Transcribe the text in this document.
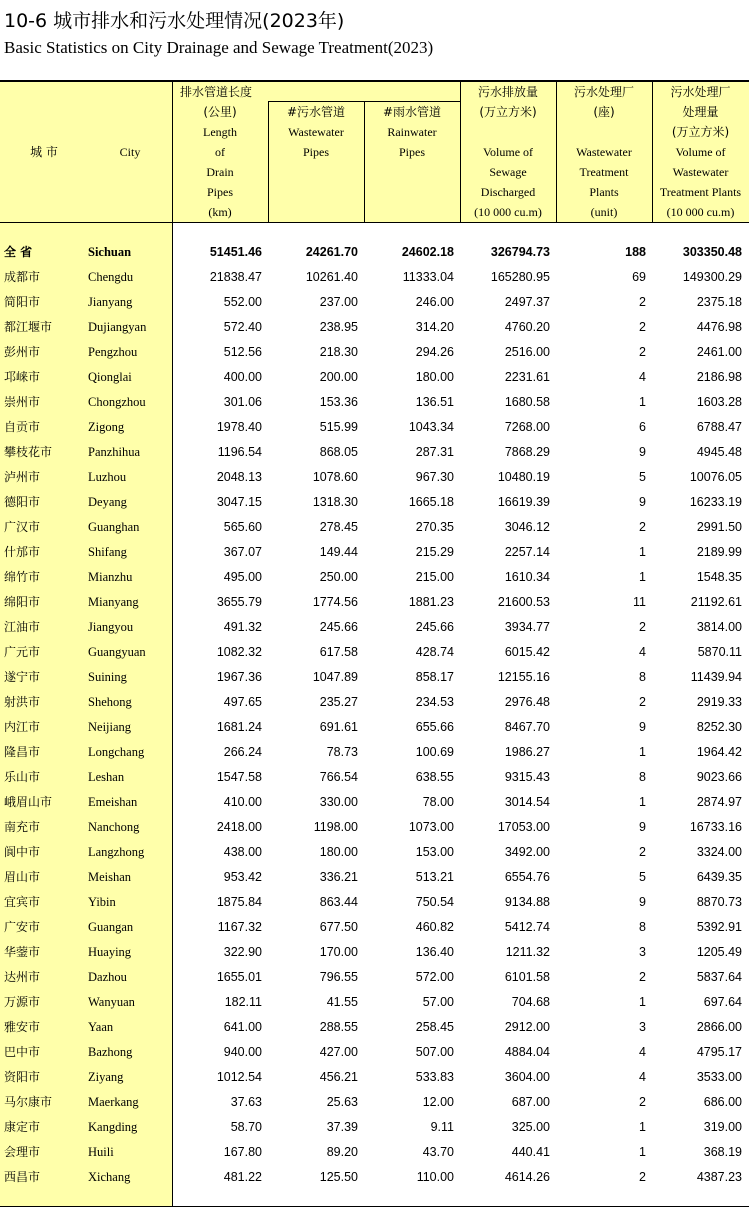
10-6 城市排水和污水处理情况(2023年)
Basic Statistics on City Drainage and Sewage Treatment(2023)
城 市	City
排水管道长度
(公里)
Length
of
Drain
Pipes
(km)
#污水管道
Wastewater
Pipes
#雨水管道
Rainwater
Pipes
污水排放量
(万立方米)
Volume of
Sewage
Discharged
(10 000 cu.m)
污水处理厂
(座)
Wastewater
Treatment
Plants
(unit)
污水处理厂
处理量
(万立方米)
Volume of
Wastewater
Treatment Plants
(10 000 cu.m)
全 省	Sichuan	51451.46	24261.70	24602.18	326794.73	188	303350.48
成都市	Chengdu	21838.47	10261.40	11333.04	165280.95	69	149300.29
简阳市	Jianyang	552.00	237.00	246.00	2497.37	2	2375.18
都江堰市	Dujiangyan	572.40	238.95	314.20	4760.20	2	4476.98
彭州市	Pengzhou	512.56	218.30	294.26	2516.00	2	2461.00
邛崃市	Qionglai	400.00	200.00	180.00	2231.61	4	2186.98
崇州市	Chongzhou	301.06	153.36	136.51	1680.58	1	1603.28
自贡市	Zigong	1978.40	515.99	1043.34	7268.00	6	6788.47
攀枝花市	Panzhihua	1196.54	868.05	287.31	7868.29	9	4945.48
泸州市	Luzhou	2048.13	1078.60	967.30	10480.19	5	10076.05
德阳市	Deyang	3047.15	1318.30	1665.18	16619.39	9	16233.19
广汉市	Guanghan	565.60	278.45	270.35	3046.12	2	2991.50
什邡市	Shifang	367.07	149.44	215.29	2257.14	1	2189.99
绵竹市	Mianzhu	495.00	250.00	215.00	1610.34	1	1548.35
绵阳市	Mianyang	3655.79	1774.56	1881.23	21600.53	11	21192.61
江油市	Jiangyou	491.32	245.66	245.66	3934.77	2	3814.00
广元市	Guangyuan	1082.32	617.58	428.74	6015.42	4	5870.11
遂宁市	Suining	1967.36	1047.89	858.17	12155.16	8	11439.94
射洪市	Shehong	497.65	235.27	234.53	2976.48	2	2919.33
内江市	Neijiang	1681.24	691.61	655.66	8467.70	9	8252.30
隆昌市	Longchang	266.24	78.73	100.69	1986.27	1	1964.42
乐山市	Leshan	1547.58	766.54	638.55	9315.43	8	9023.66
峨眉山市	Emeishan	410.00	330.00	78.00	3014.54	1	2874.97
南充市	Nanchong	2418.00	1198.00	1073.00	17053.00	9	16733.16
阆中市	Langzhong	438.00	180.00	153.00	3492.00	2	3324.00
眉山市	Meishan	953.42	336.21	513.21	6554.76	5	6439.35
宜宾市	Yibin	1875.84	863.44	750.54	9134.88	9	8870.73
广安市	Guangan	1167.32	677.50	460.82	5412.74	8	5392.91
华蓥市	Huaying	322.90	170.00	136.40	1211.32	3	1205.49
达州市	Dazhou	1655.01	796.55	572.00	6101.58	2	5837.64
万源市	Wanyuan	182.11	41.55	57.00	704.68	1	697.64
雅安市	Yaan	641.00	288.55	258.45	2912.00	3	2866.00
巴中市	Bazhong	940.00	427.00	507.00	4884.04	4	4795.17
资阳市	Ziyang	1012.54	456.21	533.83	3604.00	4	3533.00
马尔康市	Maerkang	37.63	25.63	12.00	687.00	2	686.00
康定市	Kangding	58.70	37.39	9.11	325.00	1	319.00
会理市	Huili	167.80	89.20	43.70	440.41	1	368.19
西昌市	Xichang	481.22	125.50	110.00	4614.26	2	4387.23
